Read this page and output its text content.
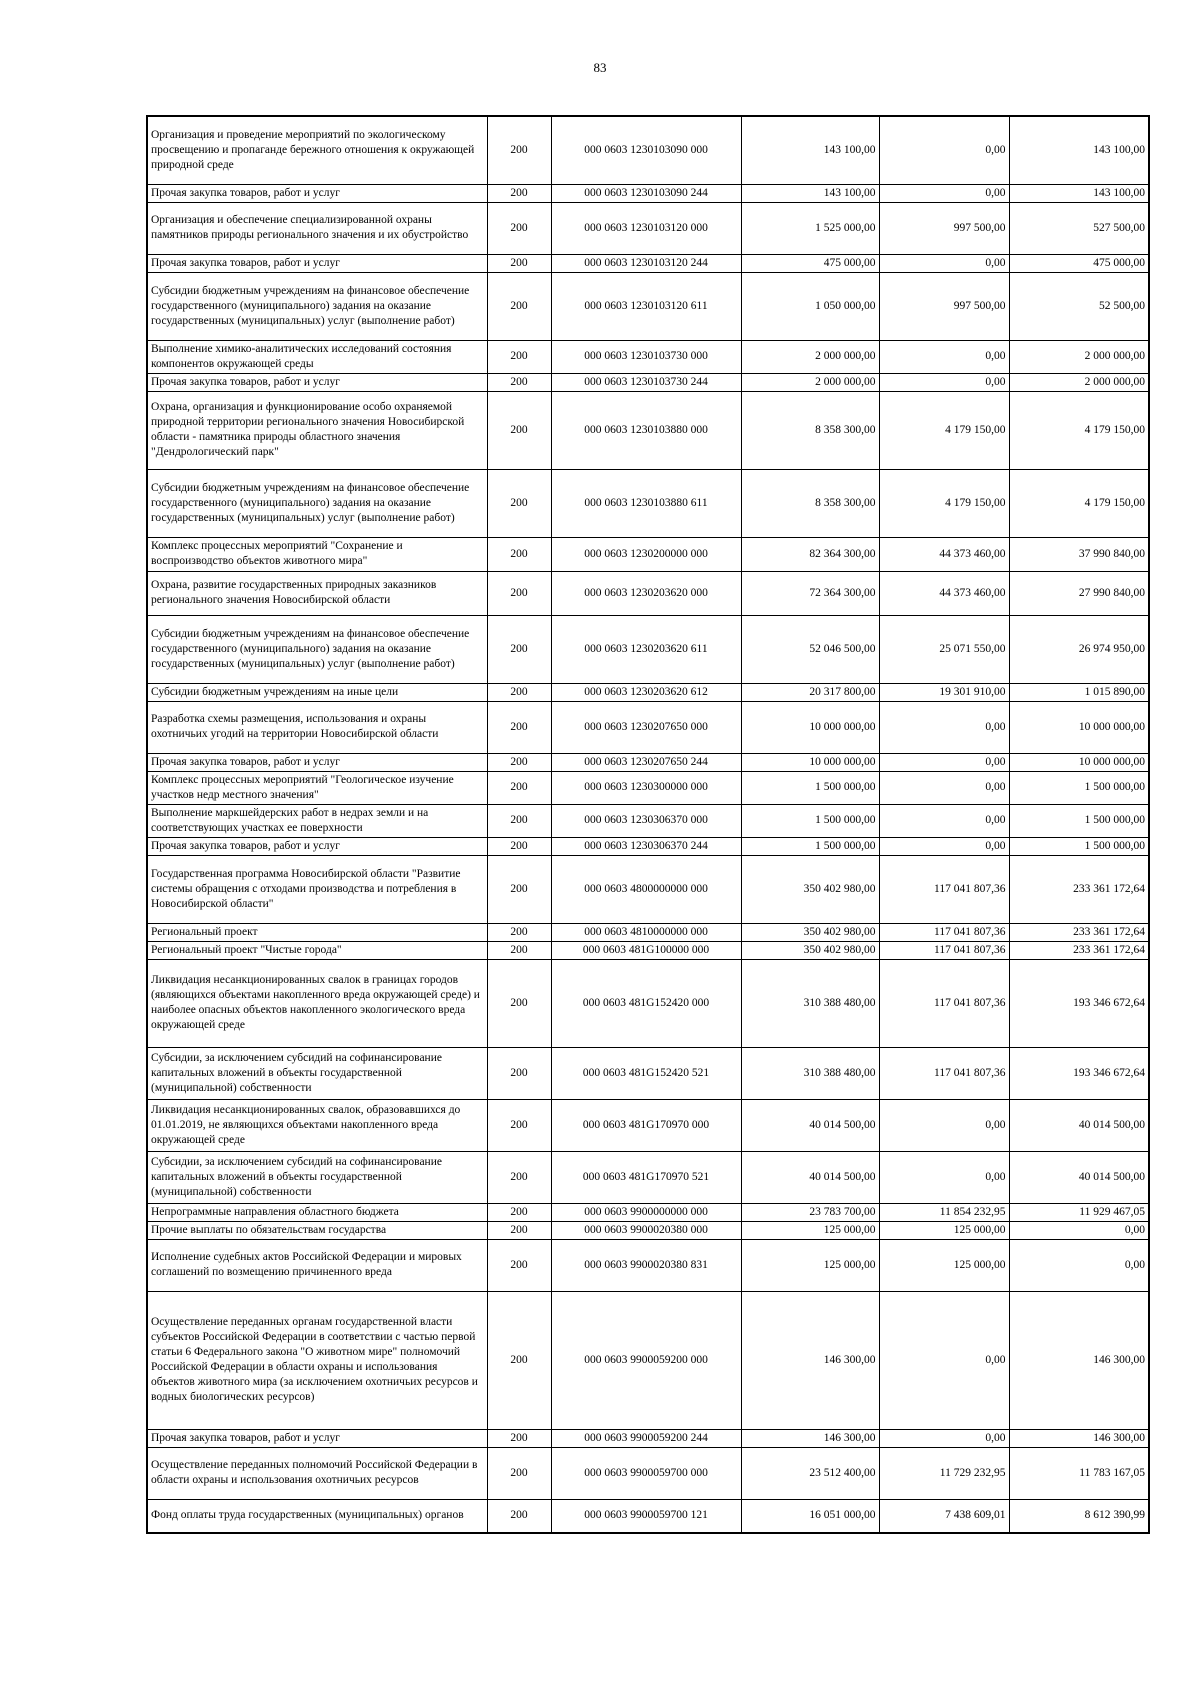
83
Организация и проведение мероприятий по экологическому просвещению и пропаганде бережного отношения к окружающей природной среде	200	000 0603 1230103090 000	143 100,00	0,00	143 100,00
Прочая закупка товаров, работ и услуг	200	000 0603 1230103090 244	143 100,00	0,00	143 100,00
Организация и обеспечение специализированной охраны памятников природы регионального значения и их обустройство	200	000 0603 1230103120 000	1 525 000,00	997 500,00	527 500,00
Прочая закупка товаров, работ и услуг	200	000 0603 1230103120 244	475 000,00	0,00	475 000,00
Субсидии бюджетным учреждениям на финансовое обеспечение государственного (муниципального) задания на оказание государственных (муниципальных) услуг (выполнение работ)	200	000 0603 1230103120 611	1 050 000,00	997 500,00	52 500,00
Выполнение химико-аналитических исследований состояния компонентов окружающей среды	200	000 0603 1230103730 000	2 000 000,00	0,00	2 000 000,00
Прочая закупка товаров, работ и услуг	200	000 0603 1230103730 244	2 000 000,00	0,00	2 000 000,00
Охрана, организация и функционирование особо охраняемой природной территории регионального значения Новосибирской области - памятника природы областного значения "Дендрологический парк"	200	000 0603 1230103880 000	8 358 300,00	4 179 150,00	4 179 150,00
Субсидии бюджетным учреждениям на финансовое обеспечение государственного (муниципального) задания на оказание государственных (муниципальных) услуг (выполнение работ)	200	000 0603 1230103880 611	8 358 300,00	4 179 150,00	4 179 150,00
Комплекс процессных мероприятий "Сохранение и воспроизводство объектов животного мира"	200	000 0603 1230200000 000	82 364 300,00	44 373 460,00	37 990 840,00
Охрана, развитие государственных природных заказников регионального значения Новосибирской области	200	000 0603 1230203620 000	72 364 300,00	44 373 460,00	27 990 840,00
Субсидии бюджетным учреждениям на финансовое обеспечение государственного (муниципального) задания на оказание государственных (муниципальных) услуг (выполнение работ)	200	000 0603 1230203620 611	52 046 500,00	25 071 550,00	26 974 950,00
Субсидии бюджетным учреждениям на иные цели	200	000 0603 1230203620 612	20 317 800,00	19 301 910,00	1 015 890,00
Разработка схемы размещения, использования и охраны охотничьих угодий на территории Новосибирской области	200	000 0603 1230207650 000	10 000 000,00	0,00	10 000 000,00
Прочая закупка товаров, работ и услуг	200	000 0603 1230207650 244	10 000 000,00	0,00	10 000 000,00
Комплекс процессных мероприятий "Геологическое изучение участков недр местного значения"	200	000 0603 1230300000 000	1 500 000,00	0,00	1 500 000,00
Выполнение маркшейдерских работ в недрах земли и на соответствующих участках ее поверхности	200	000 0603 1230306370 000	1 500 000,00	0,00	1 500 000,00
Прочая закупка товаров, работ и услуг	200	000 0603 1230306370 244	1 500 000,00	0,00	1 500 000,00
Государственная программа Новосибирской области "Развитие системы обращения с отходами производства и потребления в Новосибирской области"	200	000 0603 4800000000 000	350 402 980,00	117 041 807,36	233 361 172,64
Региональный проект	200	000 0603 4810000000 000	350 402 980,00	117 041 807,36	233 361 172,64
Региональный проект "Чистые города"	200	000 0603 481G100000 000	350 402 980,00	117 041 807,36	233 361 172,64
Ликвидация несанкционированных свалок в границах городов (являющихся объектами накопленного вреда окружающей среде) и наиболее опасных объектов накопленного экологического вреда окружающей среде	200	000 0603 481G152420 000	310 388 480,00	117 041 807,36	193 346 672,64
Субсидии, за исключением субсидий на софинансирование капитальных вложений в объекты государственной (муниципальной) собственности	200	000 0603 481G152420 521	310 388 480,00	117 041 807,36	193 346 672,64
Ликвидация несанкционированных свалок, образовавшихся до 01.01.2019, не являющихся объектами накопленного вреда окружающей среде	200	000 0603 481G170970 000	40 014 500,00	0,00	40 014 500,00
Субсидии, за исключением субсидий на софинансирование капитальных вложений в объекты государственной (муниципальной) собственности	200	000 0603 481G170970 521	40 014 500,00	0,00	40 014 500,00
Непрограммные направления областного бюджета	200	000 0603 9900000000 000	23 783 700,00	11 854 232,95	11 929 467,05
Прочие выплаты по обязательствам государства	200	000 0603 9900020380 000	125 000,00	125 000,00	0,00
Исполнение судебных актов Российской Федерации и мировых соглашений по возмещению причиненного вреда	200	000 0603 9900020380 831	125 000,00	125 000,00	0,00
Осуществление переданных органам государственной власти субъектов Российской Федерации в соответствии с частью первой статьи 6 Федерального закона "О животном мире" полномочий Российской Федерации в области охраны и использования объектов животного мира (за исключением охотничьих ресурсов и водных биологических ресурсов)	200	000 0603 9900059200 000	146 300,00	0,00	146 300,00
Прочая закупка товаров, работ и услуг	200	000 0603 9900059200 244	146 300,00	0,00	146 300,00
Осуществление переданных полномочий Российской Федерации в области охраны и использования охотничьих ресурсов	200	000 0603 9900059700 000	23 512 400,00	11 729 232,95	11 783 167,05
Фонд оплаты труда государственных (муниципальных) органов	200	000 0603 9900059700 121	16 051 000,00	7 438 609,01	8 612 390,99
